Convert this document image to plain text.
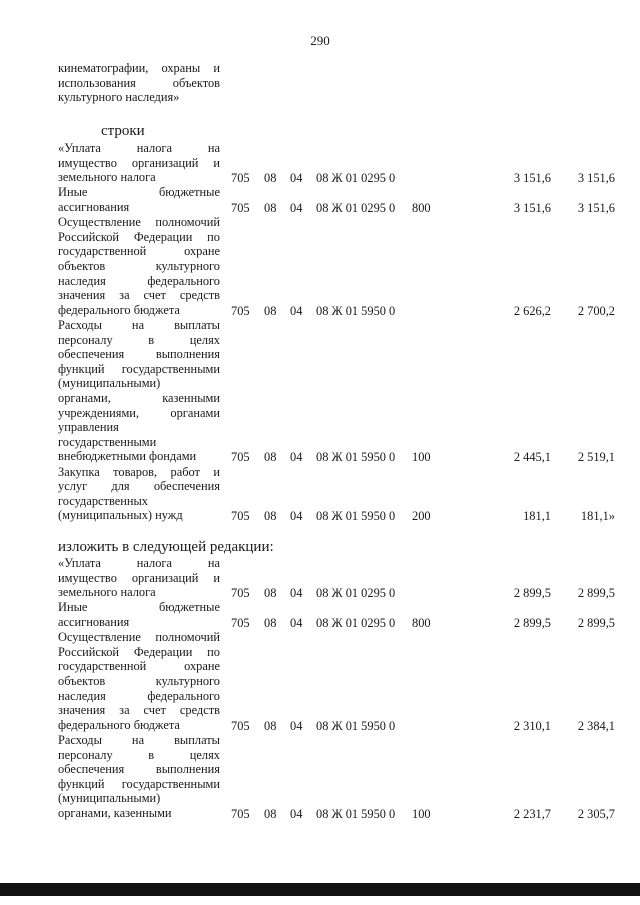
290
кинематографии, охраны и
использования объектов
культурного наследия»
строки
«Уплата налога на
имущество организаций и
земельного налога	705 08 04 08 Ж 01 0295 0	3 151,6 3 151,6
Иные бюджетные
ассигнования	705 08 04 08 Ж 01 0295 0 800	3 151,6 3 151,6
Осуществление полномочий
Российской Федерации по
государственной охране
объектов культурного
наследия федерального
значения за счет средств
федерального бюджета	705 08 04 08 Ж 01 5950 0	2 626,2 2 700,2
Расходы на выплаты
персоналу в целях
обеспечения выполнения
функций государственными
(муниципальными)
органами, казенными
учреждениями, органами
управления
государственными
внебюджетными фондами	705 08 04 08 Ж 01 5950 0 100	2 445,1 2 519,1
Закупка товаров, работ и
услуг для обеспечения
государственных
(муниципальных) нужд	705 08 04 08 Ж 01 5950 0 200	181,1 181,1»
изложить в следующей редакции:
«Уплата налога на
имущество организаций и
земельного налога	705 08 04 08 Ж 01 0295 0	2 899,5 2 899,5
Иные бюджетные
ассигнования	705 08 04 08 Ж 01 0295 0 800	2 899,5 2 899,5
Осуществление полномочий
Российской Федерации по
государственной охране
объектов культурного
наследия федерального
значения за счет средств
федерального бюджета	705 08 04 08 Ж 01 5950 0	2 310,1 2 384,1
Расходы на выплаты
персоналу в целях
обеспечения выполнения
функций государственными
(муниципальными)
органами, казенными	705 08 04 08 Ж 01 5950 0 100	2 231,7 2 305,7
